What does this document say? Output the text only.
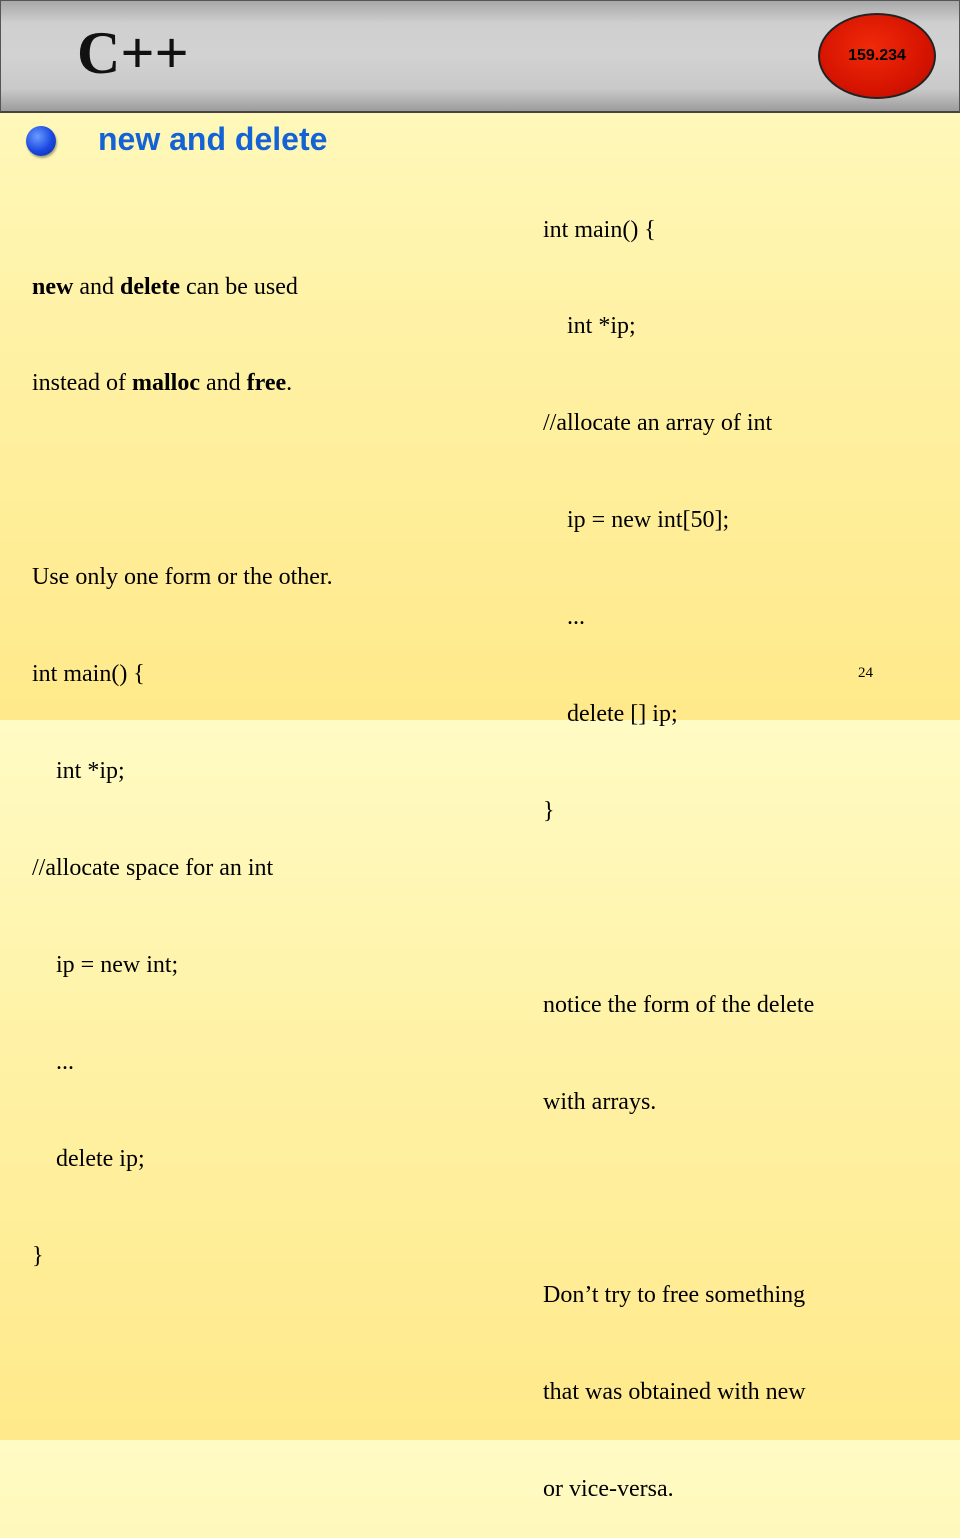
C++	159.234
new and delete

new and delete can be used

instead of malloc and free.

Use only one form or the other.

int main() {

int *ip;

//allocate space for an int

ip = new int;

...

delete ip;

}

int main() {

int *ip;

//allocate an array of int

ip = new int[50];

...

delete [] ip;

}

notice the form of the delete

with arrays.

Don’t try to free something

that was obtained with new

or vice-versa.

24
